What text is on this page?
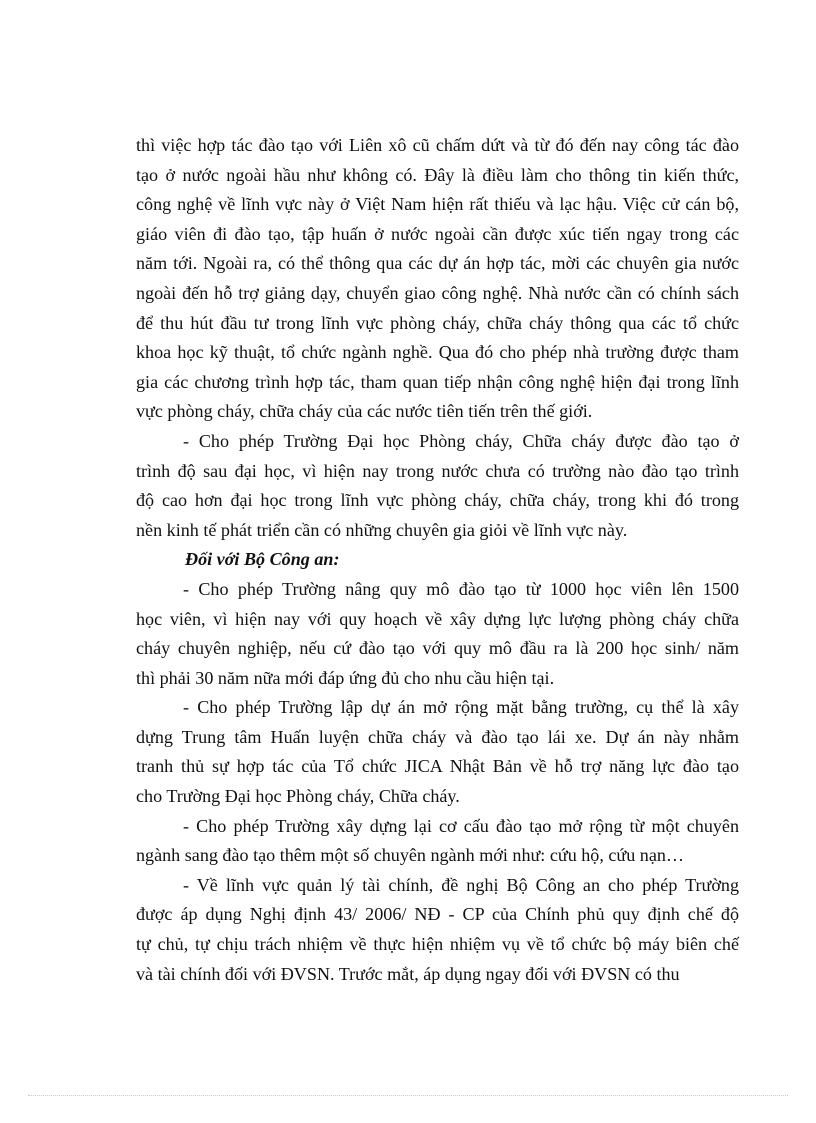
thì việc hợp tác đào tạo với Liên xô cũ chấm dứt và từ đó đến nay công tác đào
tạo ở nước ngoài hầu như không có. Đây là điều làm cho thông tin kiến thức,
công nghệ về lĩnh vực này ở Việt Nam hiện rất thiếu và lạc hậu. Việc cử cán bộ,
giáo viên đi đào tạo, tập huấn ở nước ngoài cần được xúc tiến ngay trong các
năm tới. Ngoài ra, có thể thông qua các dự án hợp tác, mời các chuyên gia nước
ngoài đến hỗ trợ giảng dạy, chuyển giao công nghệ. Nhà nước cần có chính sách
để thu hút đầu tư trong lĩnh vực phòng cháy, chữa cháy thông qua các tổ chức
khoa học kỹ thuật, tổ chức ngành nghề. Qua đó cho phép nhà trường được tham
gia các chương trình hợp tác, tham quan tiếp nhận công nghệ hiện đại trong lĩnh
vực phòng cháy, chữa cháy của các nước tiên tiến trên thế giới.
- Cho phép Trường Đại học Phòng cháy, Chữa cháy được đào tạo ở
trình độ sau đại học, vì hiện nay trong nước chưa có trường nào đào tạo trình
độ cao hơn đại học trong lĩnh vực phòng cháy, chữa cháy, trong khi đó trong
nền kinh tế phát triển cần có những chuyên gia giỏi về lĩnh vực này.
Đối với Bộ Công an:
- Cho phép Trường nâng quy mô đào tạo từ 1000 học viên lên 1500
học viên, vì hiện nay với quy hoạch về xây dựng lực lượng phòng cháy chữa
cháy chuyên nghiệp, nếu cứ đào tạo với quy mô đầu ra là 200 học sinh/ năm
thì phải 30 năm nữa mới đáp ứng đủ cho nhu cầu hiện tại.
- Cho phép Trường lập dự án mở rộng mặt bằng trường, cụ thể là xây
dựng Trung tâm Huấn luyện chữa cháy và đào tạo lái xe. Dự án này nhằm
tranh thủ sự hợp tác của Tổ chức JICA Nhật Bản về hỗ trợ năng lực đào tạo
cho Trường Đại học Phòng cháy, Chữa cháy.
- Cho phép Trường xây dựng lại cơ cấu đào tạo mở rộng từ một chuyên
ngành sang đào tạo thêm một số chuyên ngành mới như: cứu hộ, cứu nạn…
- Về lĩnh vực quản lý tài chính, đề nghị Bộ Công an cho phép Trường
được áp dụng Nghị định 43/ 2006/ NĐ - CP của Chính phủ quy định chế độ
tự chủ, tự chịu trách nhiệm về thực hiện nhiệm vụ về tổ chức bộ máy biên chế
và tài chính đối với ĐVSN. Trước mắt, áp dụng ngay đối với ĐVSN có thu
